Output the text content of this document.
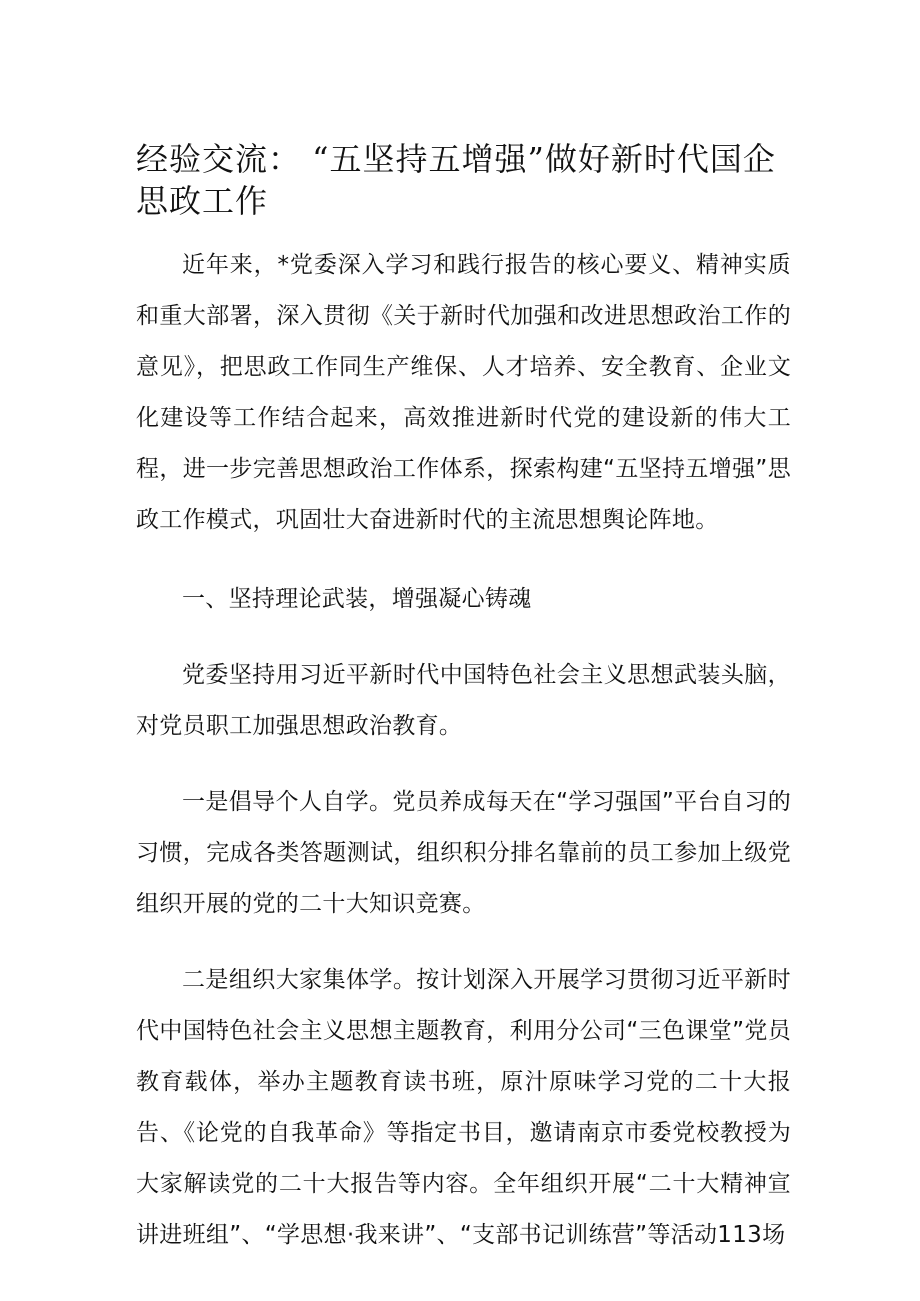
经验交流： “五坚持五增强”做好新时代国企思政工作

近年来，*党委深入学习和践行报告的核心要义、精神实质和重大部署，深入贯彻《关于新时代加强和改进思想政治工作的意见》，把思政工作同生产维保、人才培养、安全教育、企业文化建设等工作结合起来，高效推进新时代党的建设新的伟大工程，进一步完善思想政治工作体系，探索构建“五坚持五增强”思政工作模式，巩固壮大奋进新时代的主流思想舆论阵地。

一、坚持理论武装，增强凝心铸魂

党委坚持用习近平新时代中国特色社会主义思想武装头脑，对党员职工加强思想政治教育。

一是倡导个人自学。党员养成每天在“学习强国”平台自习的习惯，完成各类答题测试，组织积分排名靠前的员工参加上级党组织开展的党的二十大知识竞赛。

二是组织大家集体学。按计划深入开展学习贯彻习近平新时代中国特色社会主义思想主题教育，利用分公司“三色课堂”党员教育载体，举办主题教育读书班，原汁原味学习党的二十大报告、《论党的自我革命》等指定书目，邀请南京市委党校教授为大家解读党的二十大报告等内容。全年组织开展“二十大精神宣讲进班组”、“学思想·我来讲”、“支部书记训练营”等活动113场
